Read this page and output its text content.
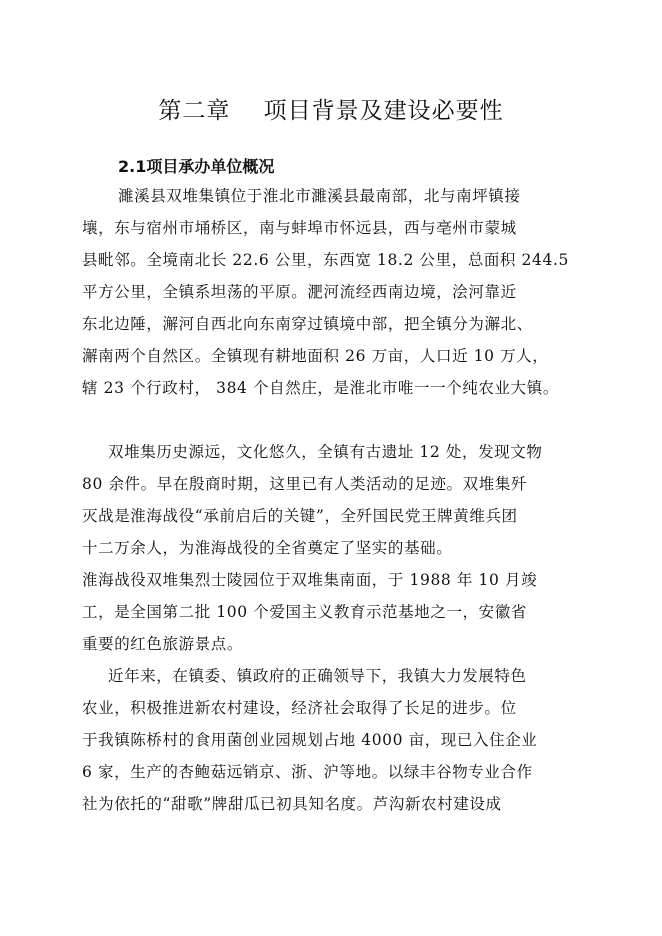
第二章    项目背景及建设必要性
2.1项目承办单位概况
濉溪县双堆集镇位于淮北市濉溪县最南部，北与南坪镇接
壤，东与宿州市埇桥区，南与蚌埠市怀远县，西与亳州市蒙城
县毗邻。全境南北长 22.6 公里，东西宽 18.2 公里，总面积 244.5
平方公里，全镇系坦荡的平原。淝河流经西南边境，浍河靠近
东北边陲，澥河自西北向东南穿过镇境中部，把全镇分为澥北、
澥南两个自然区。全镇现有耕地面积 26 万亩，人口近 10 万人，
辖 23 个行政村， 384 个自然庄，是淮北市唯一一个纯农业大镇。
双堆集历史源远，文化悠久，全镇有古遗址 12 处，发现文物
80 余件。早在殷商时期，这里已有人类活动的足迹。双堆集歼
灭战是淮海战役“承前启后的关键”，全歼国民党王牌黄维兵团
十二万余人，为淮海战役的全省奠定了坚实的基础。
淮海战役双堆集烈士陵园位于双堆集南面，于 1988 年 10 月竣
工，是全国第二批 100 个爱国主义教育示范基地之一，安徽省
重要的红色旅游景点。
近年来，在镇委、镇政府的正确领导下，我镇大力发展特色
农业，积极推进新农村建设，经济社会取得了长足的进步。位
于我镇陈桥村的食用菌创业园规划占地 4000 亩，现已入住企业
6 家，生产的杏鲍菇远销京、浙、沪等地。以绿丰谷物专业合作
社为依托的“甜歌”牌甜瓜已初具知名度。芦沟新农村建设成
